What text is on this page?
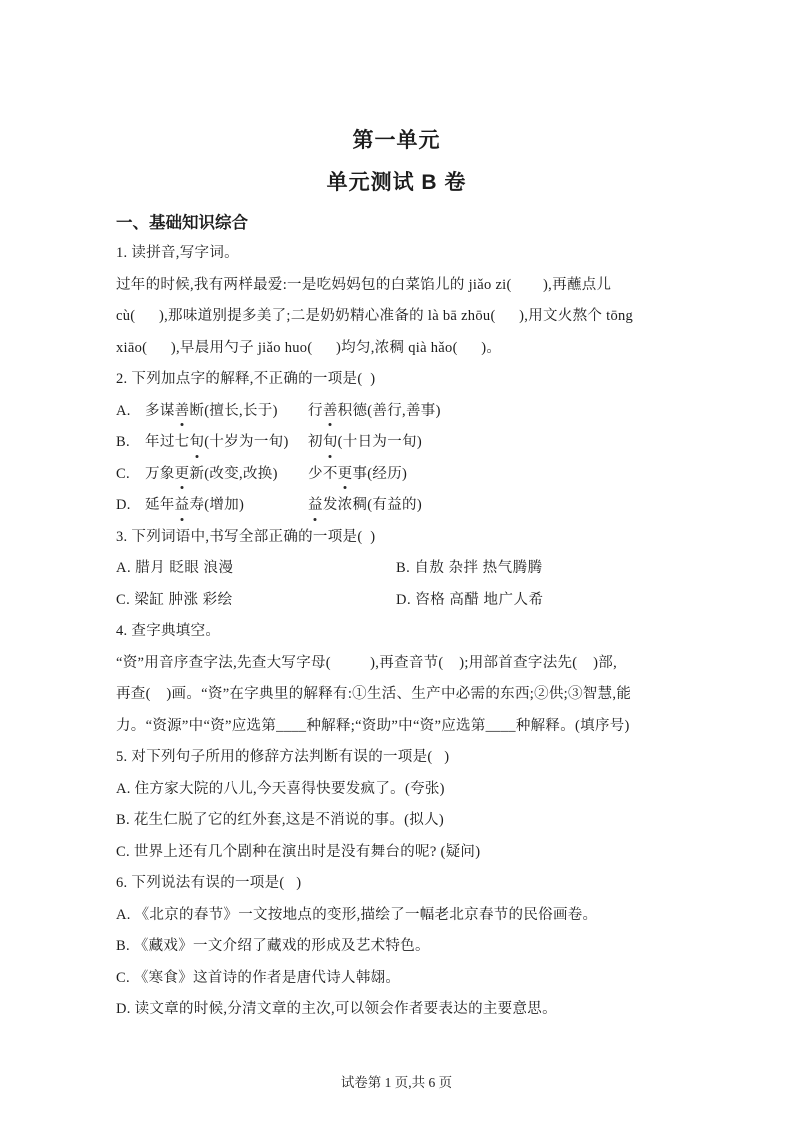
第一单元
单元测试 B 卷
一、基础知识综合
1. 读拼音,写字词。
过年的时候,我有两样最爱:一是吃妈妈包的白菜馅儿的 jiǎo zi(        ),再蘸点儿
cù(      ),那味道别提多美了;二是奶奶精心准备的 là bā zhōu(      ),用文火熬个 tōng
xiāo(      ),早晨用勺子 jiǎo huo(      )均匀,浓稠 qià hǎo(      )。
2. 下列加点字的解释,不正确的一项是(  )
A. 多谋善断(擅长,长于)	行善积德(善行,善事)
B.	年过七旬(十岁为一旬)	初旬(十日为一旬)
C.	万象更新(改变,改换)	少不更事(经历)
D. 延年益寿(增加)	益发浓稠(有益的)
3. 下列词语中,书写全部正确的一项是(  )
A. 腊月 眨眼 浪漫	B. 自敖 杂拌 热气腾腾
C. 梁缸 肿涨 彩绘	D. 咨格 高醋 地广人希
4. 查字典填空。
“资”用音序查字法,先查大写字母(          ),再查音节(    );用部首查字法先(    )部,
再查(    )画。“资”在字典里的解释有:①生活、生产中必需的东西;②供;③智慧,能
力。“资源”中“资”应选第____种解释;“资助”中“资”应选第____种解释。(填序号)
5. 对下列句子所用的修辞方法判断有误的一项是(   )
A. 住方家大院的八儿,今天喜得快要发疯了。(夸张)
B. 花生仁脱了它的红外套,这是不消说的事。(拟人)
C. 世界上还有几个剧种在演出时是没有舞台的呢? (疑问)
6. 下列说法有误的一项是(   )
A. 《北京的春节》一文按地点的变形,描绘了一幅老北京春节的民俗画卷。
B. 《藏戏》一文介绍了藏戏的形成及艺术特色。
C. 《寒食》这首诗的作者是唐代诗人韩翃。
D. 读文章的时候,分清文章的主次,可以领会作者要表达的主要意思。
试卷第 1 页,共 6 页
